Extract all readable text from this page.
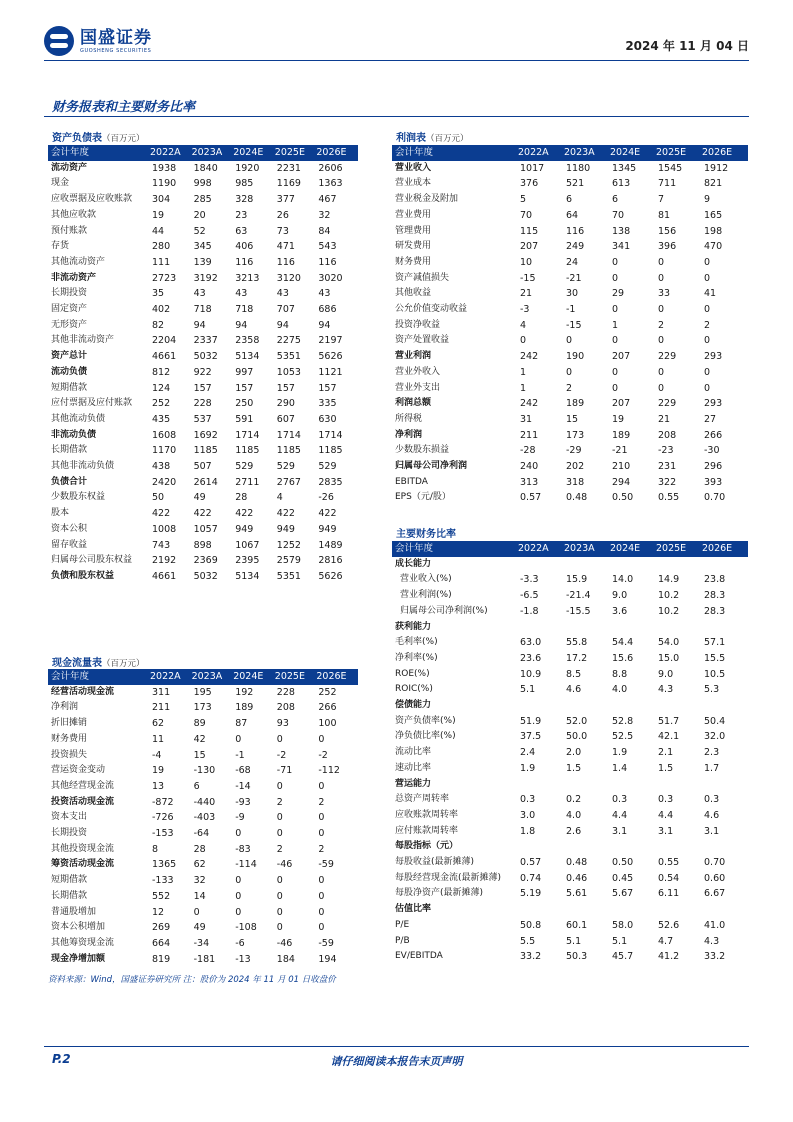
国盛证券
GUOSHENG SECURITIES	2024 年 11 月 04 日
财务报表和主要财务比率
资产负债表（百万元）
会计年度	2022A	2023A	2024E	2025E	2026E
流动资产	1938	1840	1920	2231	2606
现金	1190	998	985	1169	1363
应收票据及应收账款	304	285	328	377	467
其他应收款	19	20	23	26	32
预付账款	44	52	63	73	84
存货	280	345	406	471	543
其他流动资产	111	139	116	116	116
非流动资产	2723	3192	3213	3120	3020
长期投资	35	43	43	43	43
固定资产	402	718	718	707	686
无形资产	82	94	94	94	94
其他非流动资产	2204	2337	2358	2275	2197
资产总计	4661	5032	5134	5351	5626
流动负债	812	922	997	1053	1121
短期借款	124	157	157	157	157
应付票据及应付账款	252	228	250	290	335
其他流动负债	435	537	591	607	630
非流动负债	1608	1692	1714	1714	1714
长期借款	1170	1185	1185	1185	1185
其他非流动负债	438	507	529	529	529
负债合计	2420	2614	2711	2767	2835
少数股东权益	50	49	28	4	-26
股本	422	422	422	422	422
资本公积	1008	1057	949	949	949
留存收益	743	898	1067	1252	1489
归属母公司股东权益	2192	2369	2395	2579	2816
负债和股东权益	4661	5032	5134	5351	5626
现金流量表（百万元）
会计年度	2022A	2023A	2024E	2025E	2026E
经营活动现金流	311	195	192	228	252
净利润	211	173	189	208	266
折旧摊销	62	89	87	93	100
财务费用	11	42	0	0	0
投资损失	-4	15	-1	-2	-2
营运资金变动	19	-130	-68	-71	-112
其他经营现金流	13	6	-14	0	0
投资活动现金流	-872	-440	-93	2	2
资本支出	-726	-403	-9	0	0
长期投资	-153	-64	0	0	0
其他投资现金流	8	28	-83	2	2
筹资活动现金流	1365	62	-114	-46	-59
短期借款	-133	32	0	0	0
长期借款	552	14	0	0	0
普通股增加	12	0	0	0	0
资本公积增加	269	49	-108	0	0
其他筹资现金流	664	-34	-6	-46	-59
现金净增加额	819	-181	-13	184	194
利润表（百万元）
会计年度	2022A	2023A	2024E	2025E	2026E
营业收入	1017	1180	1345	1545	1912
营业成本	376	521	613	711	821
营业税金及附加	5	6	6	7	9
营业费用	70	64	70	81	165
管理费用	115	116	138	156	198
研发费用	207	249	341	396	470
财务费用	10	24	0	0	0
资产减值损失	-15	-21	0	0	0
其他收益	21	30	29	33	41
公允价值变动收益	-3	-1	0	0	0
投资净收益	4	-15	1	2	2
资产处置收益	0	0	0	0	0
营业利润	242	190	207	229	293
营业外收入	1	0	0	0	0
营业外支出	1	2	0	0	0
利润总额	242	189	207	229	293
所得税	31	15	19	21	27
净利润	211	173	189	208	266
少数股东损益	-28	-29	-21	-23	-30
归属母公司净利润	240	202	210	231	296
EBITDA	313	318	294	322	393
EPS（元/股）	0.57	0.48	0.50	0.55	0.70
主要财务比率
会计年度	2022A	2023A	2024E	2025E	2026E
成长能力					
营业收入(%)	-3.3	15.9	14.0	14.9	23.8
营业利润(%)	-6.5	-21.4	9.0	10.2	28.3
归属母公司净利润(%)	-1.8	-15.5	3.6	10.2	28.3
获利能力					
毛利率(%)	63.0	55.8	54.4	54.0	57.1
净利率(%)	23.6	17.2	15.6	15.0	15.5
ROE(%)	10.9	8.5	8.8	9.0	10.5
ROIC(%)	5.1	4.6	4.0	4.3	5.3
偿债能力					
资产负债率(%)	51.9	52.0	52.8	51.7	50.4
净负债比率(%)	37.5	50.0	52.5	42.1	32.0
流动比率	2.4	2.0	1.9	2.1	2.3
速动比率	1.9	1.5	1.4	1.5	1.7
营运能力					
总资产周转率	0.3	0.2	0.3	0.3	0.3
应收账款周转率	3.0	4.0	4.4	4.4	4.6
应付账款周转率	1.8	2.6	3.1	3.1	3.1
每股指标（元）					
每股收益(最新摊薄)	0.57	0.48	0.50	0.55	0.70
每股经营现金流(最新摊薄)	0.74	0.46	0.45	0.54	0.60
每股净资产(最新摊薄)	5.19	5.61	5.67	6.11	6.67
估值比率					
P/E	50.8	60.1	58.0	52.6	41.0
P/B	5.5	5.1	5.1	4.7	4.3
EV/EBITDA	33.2	50.3	45.7	41.2	33.2
资料来源：Wind，国盛证券研究所 注：股价为 2024 年 11 月 01 日收盘价
P.2	请仔细阅读本报告末页声明
